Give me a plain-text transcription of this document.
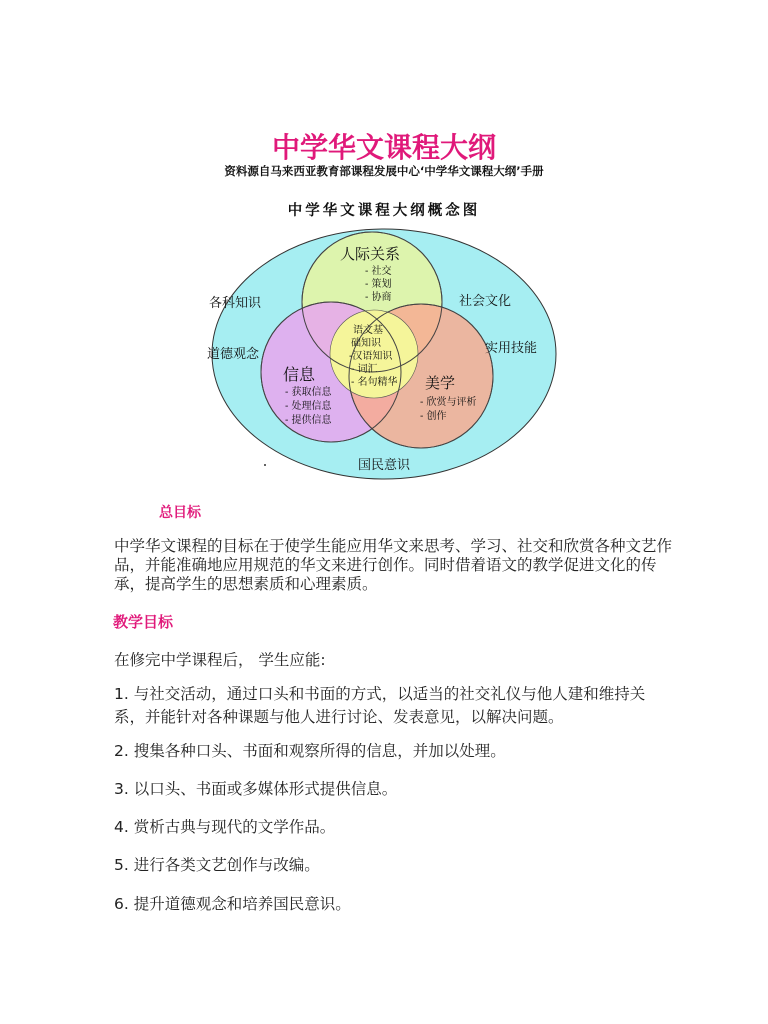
中学华文课程大纲
资料源自马来西亚教育部课程发展中心‘中学华文课程大纲’手册
中学华文课程大纲概念图
各科知识
道德观念
社会文化
实用技能
国民意识
人际关系
- 社交
- 策划
- 协商
信息
- 获取信息
- 处理信息
- 提供信息
美学
- 欣赏与评析
- 创作
语文基
础知识
-汉语知识
- 词汇
- 名句精华
总目标
中学华文课程的目标在于使学生能应用华文来思考、学习、社交和欣赏各种文艺作品，并能准确地应用规范的华文来进行创作。同时借着语文的教学促进文化的传承，提高学生的思想素质和心理素质。
教学目标
在修完中学课程后， 学生应能:
1. 与社交活动，通过口头和书面的方式，以适当的社交礼仪与他人建和维持关系，并能针对各种课题与他人进行讨论、发表意见，以解决问题。
2. 搜集各种口头、书面和观察所得的信息，并加以处理。
3. 以口头、书面或多媒体形式提供信息。
4. 赏析古典与现代的文学作品。
5. 进行各类文艺创作与改编。
6. 提升道德观念和培养国民意识。
